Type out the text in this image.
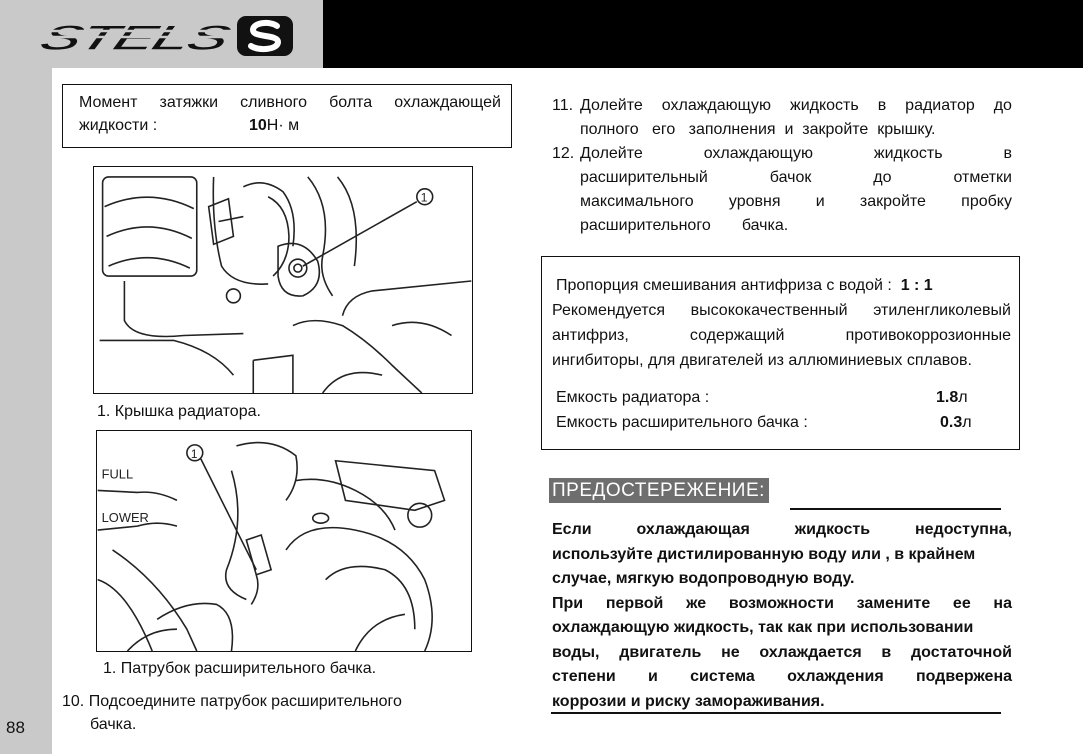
STELS
88
Момент затяжки сливного болта охлаждающей
жидкости :	10 Н· м
1
1. Крышка радиатора.
1
FULL
LOWER
1. Патрубок расширительного бачка.
10. Подсоедините патрубок расширительного
бачка.
11. Долейте охлаждающую жидкость в радиатор до
полного   его   заполнения  и  закройте  крышку.
12. Долейте	охлаждающую	жидкость	в
расширительный	бачок	до	отметки
максимального уровня и закройте пробку
расширительного       бачка.
Пропорция смешивания антифриза с водой :  1 : 1
Рекомендуется высококачественный этиленгликолевый
антифриз,	содержащий	противокоррозионные
ингибиторы, для двигателей из аллюминиевых сплавов.
Емкость радиатора :	1.8 л
Емкость расширительного бачка :	0.3 л
ПРЕДОСТЕРЕЖЕНИЕ:
Если	охлаждающая	жидкость	недоступна,
используйте дистилированную воду или , в крайнем
случае, мягкую водопроводную воду.
При первой же возможности замените ее на
охлаждающую жидкость, так как при использовании
воды, двигатель не охлаждается в достаточной
степени и система охлаждения подвержена
коррозии и риску замораживания.
